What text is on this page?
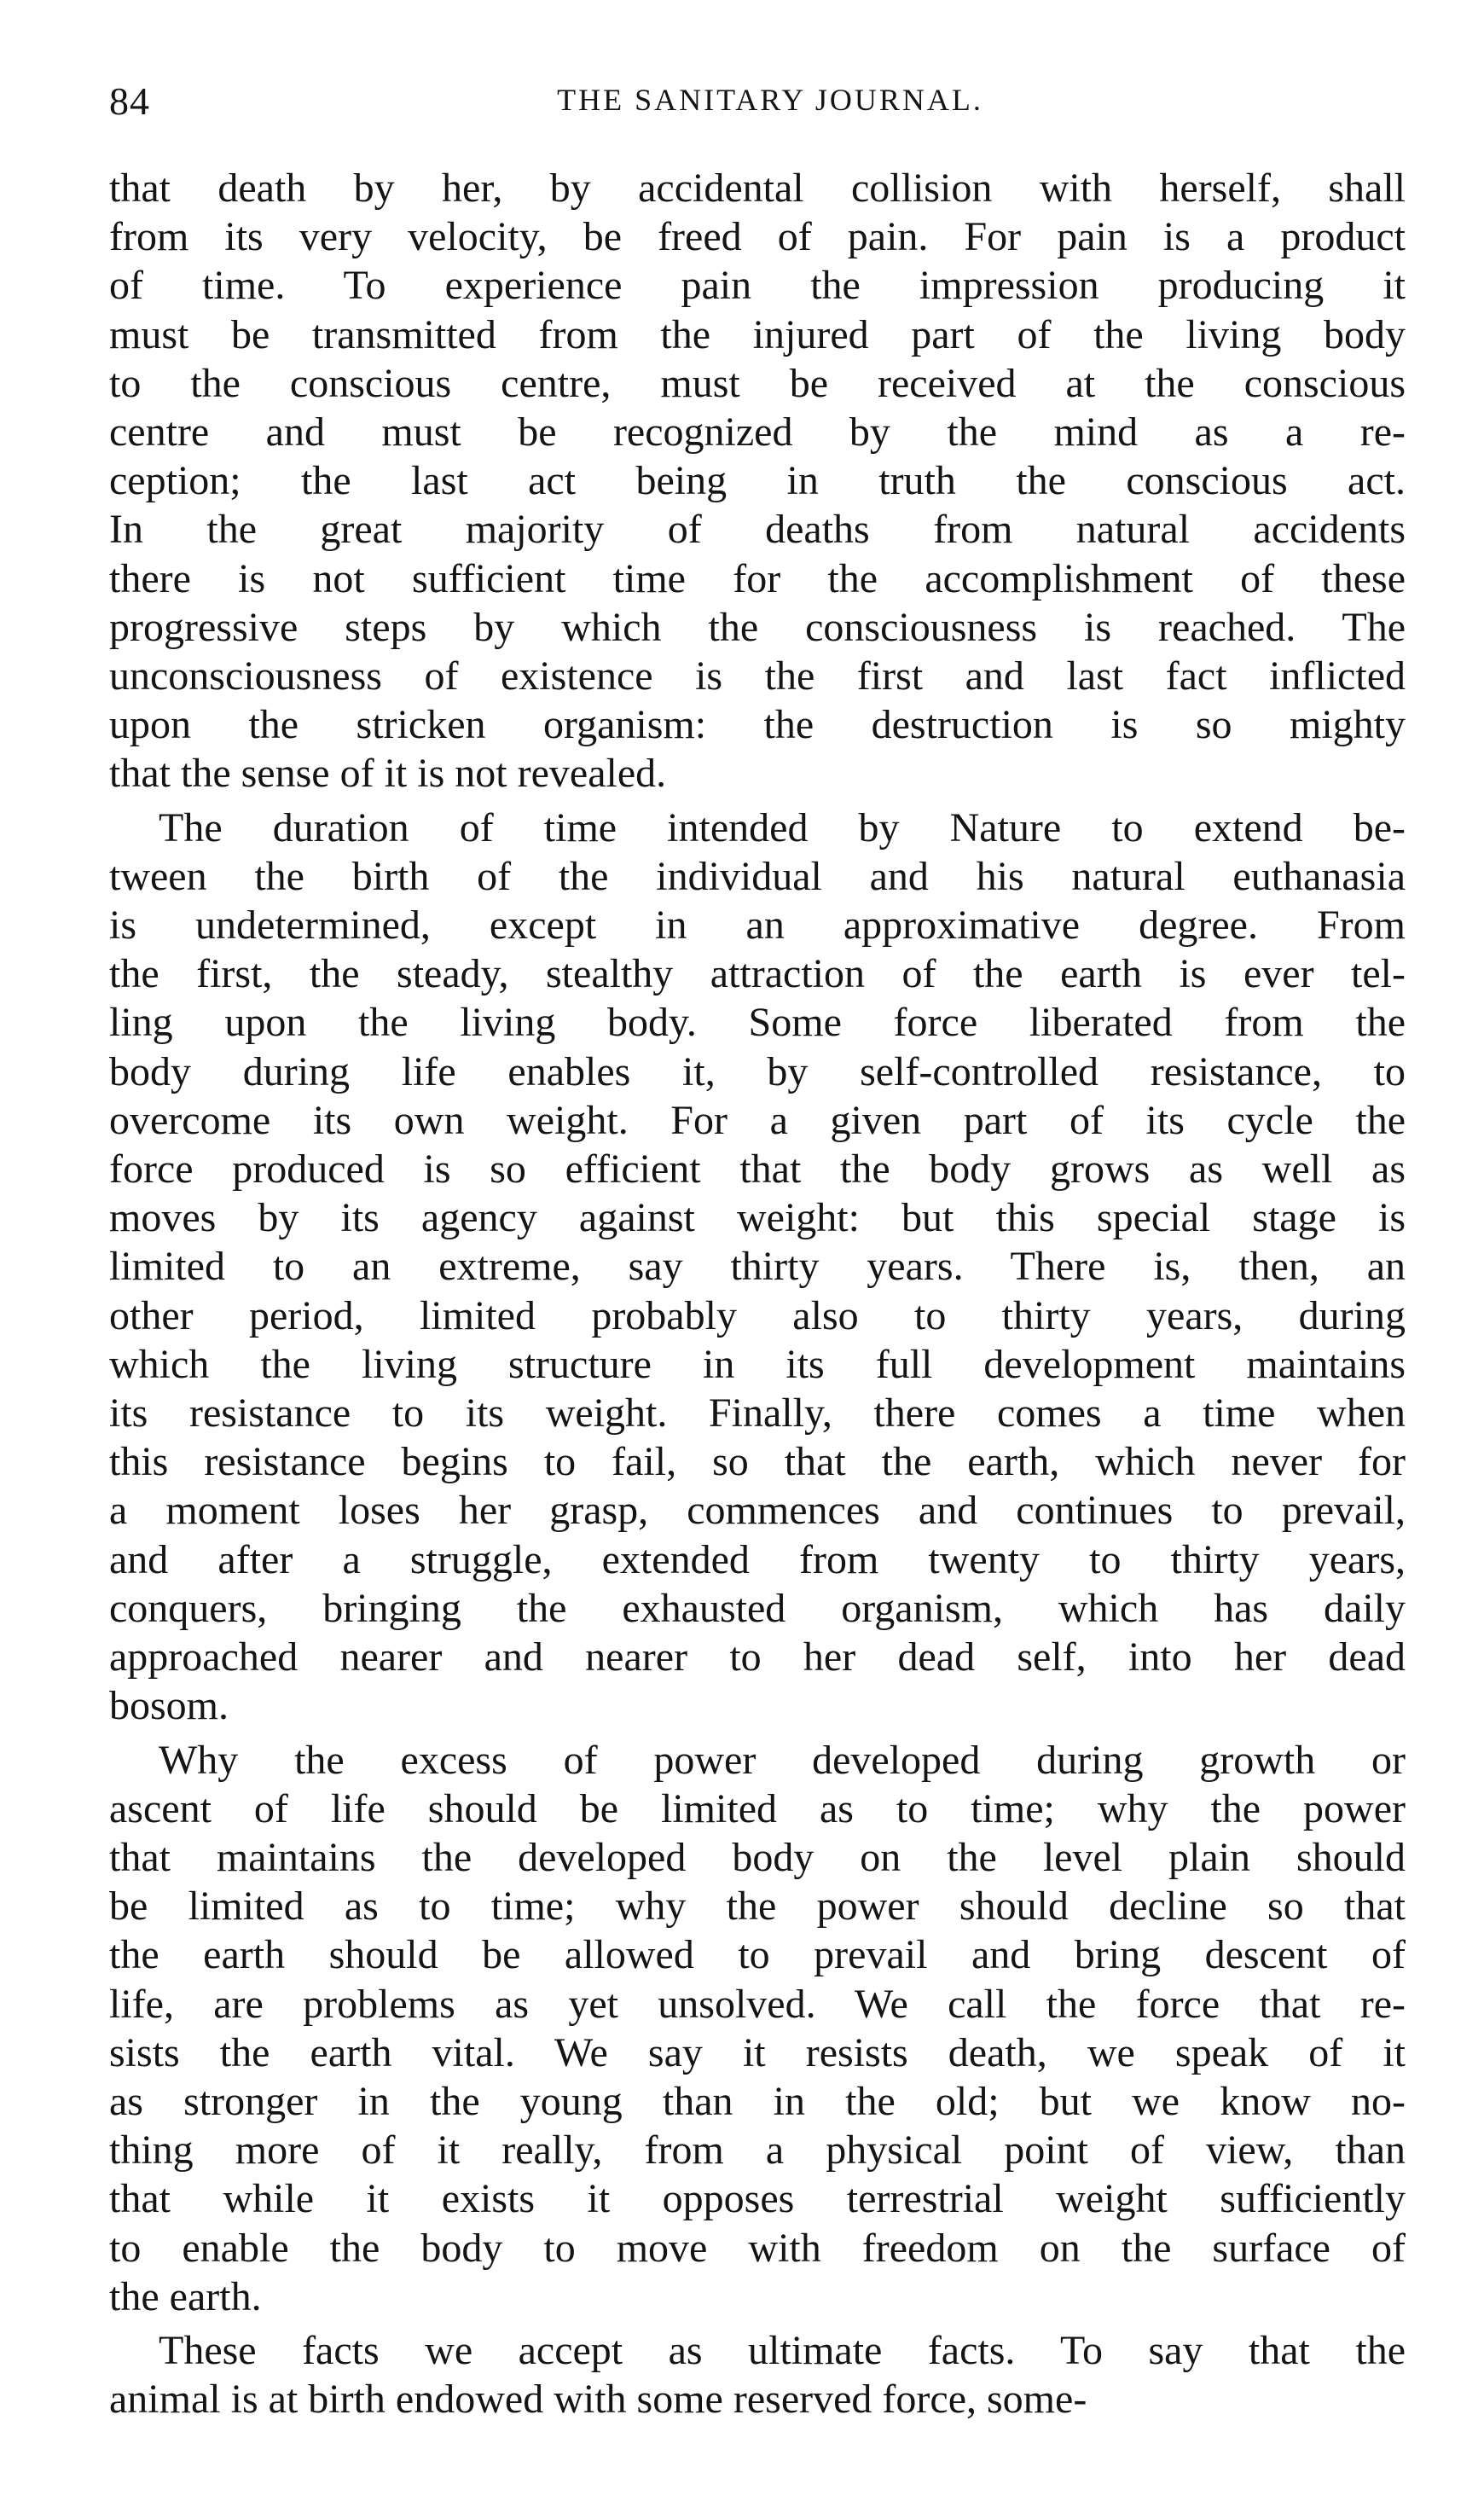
84	THE SANITARY JOURNAL.
that death by her, by accidental collision with herself, shall
from its very velocity, be freed of pain. For pain is a product
of time. To experience pain the impression producing it
must be transmitted from the injured part of the living body
to the conscious centre, must be received at the conscious
centre and must be recognized by the mind as a re-
ception; the last act being in truth the conscious act.
In the great majority of deaths from natural accidents
there is not sufficient time for the accomplishment of these
progressive steps by which the consciousness is reached. The
unconsciousness of existence is the first and last fact inflicted
upon the stricken organism: the destruction is so mighty
that the sense of it is not revealed.
The duration of time intended by Nature to extend be-
tween the birth of the individual and his natural euthanasia
is undetermined, except in an approximative degree. From
the first, the steady, stealthy attraction of the earth is ever tel-
ling upon the living body. Some force liberated from the
body during life enables it, by self-controlled resistance, to
overcome its own weight. For a given part of its cycle the
force produced is so efficient that the body grows as well as
moves by its agency against weight: but this special stage is
limited to an extreme, say thirty years. There is, then, an
other period, limited probably also to thirty years, during
which the living structure in its full development maintains
its resistance to its weight. Finally, there comes a time when
this resistance begins to fail, so that the earth, which never for
a moment loses her grasp, commences and continues to prevail,
and after a struggle, extended from twenty to thirty years,
conquers, bringing the exhausted organism, which has daily
approached nearer and nearer to her dead self, into her dead
bosom.
Why the excess of power developed during growth or
ascent of life should be limited as to time; why the power
that maintains the developed body on the level plain should
be limited as to time; why the power should decline so that
the earth should be allowed to prevail and bring descent of
life, are problems as yet unsolved. We call the force that re-
sists the earth vital. We say it resists death, we speak of it
as stronger in the young than in the old; but we know no-
thing more of it really, from a physical point of view, than
that while it exists it opposes terrestrial weight sufficiently
to enable the body to move with freedom on the surface of
the earth.
These facts we accept as ultimate facts. To say that the
animal is at birth endowed with some reserved force, some-
